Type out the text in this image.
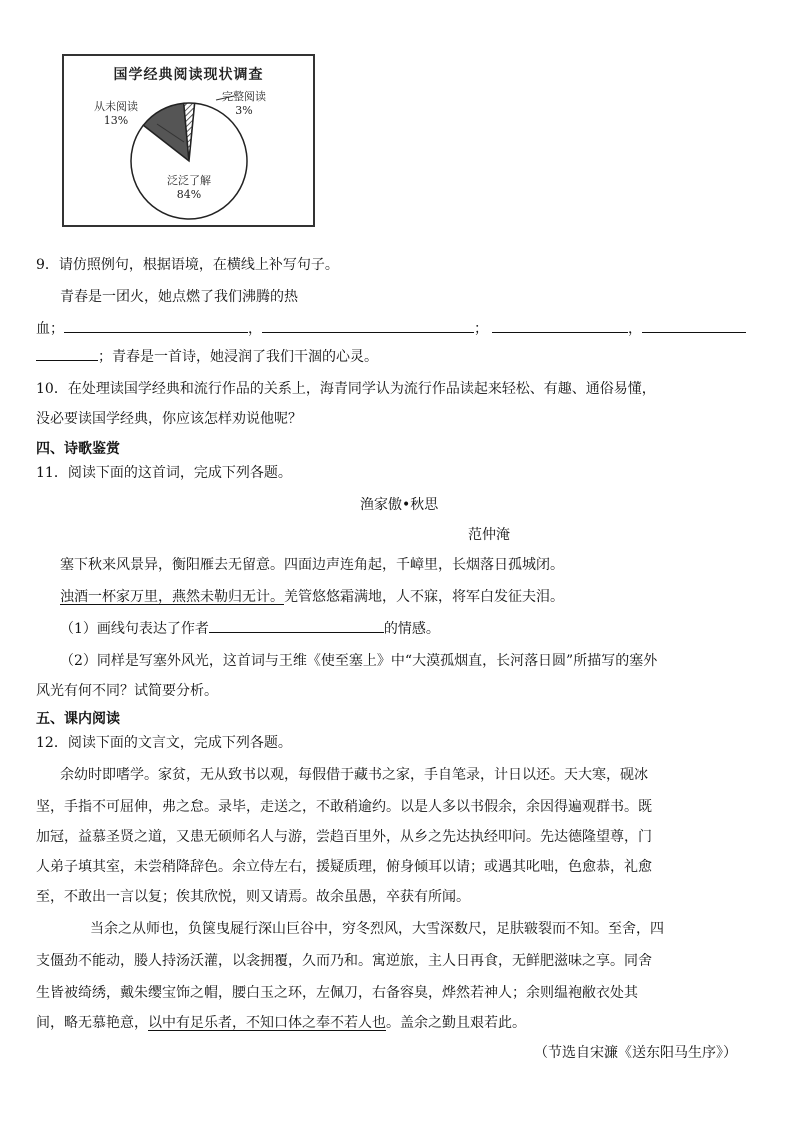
国学经典阅读现状调查
从未阅读
13%
完整阅读
3%
泛泛了解
84%
9．请仿照例句，根据语境，在横线上补写句子。
青春是一团火，她点燃了我们沸腾的热
血；	，	；	，
；青春是一首诗，她浸润了我们干涸的心灵。
10．在处理读国学经典和流行作品的关系上，海青同学认为流行作品读起来轻松、有趣、通俗易懂，
没必要读国学经典，你应该怎样劝说他呢？
四、诗歌鉴赏
11．阅读下面的这首词，完成下列各题。
渔家傲•秋思
范仲淹
塞下秋来风景异，衡阳雁去无留意。四面边声连角起，千嶂里，长烟落日孤城闭。
浊酒一杯家万里，燕然未勒归无计。羌管悠悠霜满地，人不寐，将军白发征夫泪。
（1）画线句表达了作者	的情感。
（2）同样是写塞外风光，这首词与王维《使至塞上》中“大漠孤烟直，长河落日圆”所描写的塞外
风光有何不同？试简要分析。
五、课内阅读
12．阅读下面的文言文，完成下列各题。
余幼时即嗜学。家贫，无从致书以观，每假借于藏书之家，手自笔录，计日以还。天大寒，砚冰
坚，手指不可屈伸，弗之怠。录毕，走送之，不敢稍逾约。以是人多以书假余，余因得遍观群书。既
加冠，益慕圣贤之道，又患无硕师名人与游，尝趋百里外，从乡之先达执经叩问。先达德隆望尊，门
人弟子填其室，未尝稍降辞色。余立侍左右，援疑质理，俯身倾耳以请；或遇其叱咄，色愈恭，礼愈
至，不敢出一言以复；俟其欣悦，则又请焉。故余虽愚，卒获有所闻。
当余之从师也，负箧曳屣行深山巨谷中，穷冬烈风，大雪深数尺，足肤皲裂而不知。至舍，四
支僵劲不能动，媵人持汤沃灌，以衾拥覆，久而乃和。寓逆旅，主人日再食，无鲜肥滋味之享。同舍
生皆被绮绣，戴朱缨宝饰之帽，腰白玉之环，左佩刀，右备容臭，烨然若神人；余则缊袍敝衣处其
间，略无慕艳意，以中有足乐者，不知口体之奉不若人也。盖余之勤且艰若此。
（节选自宋濂《送东阳马生序》）
